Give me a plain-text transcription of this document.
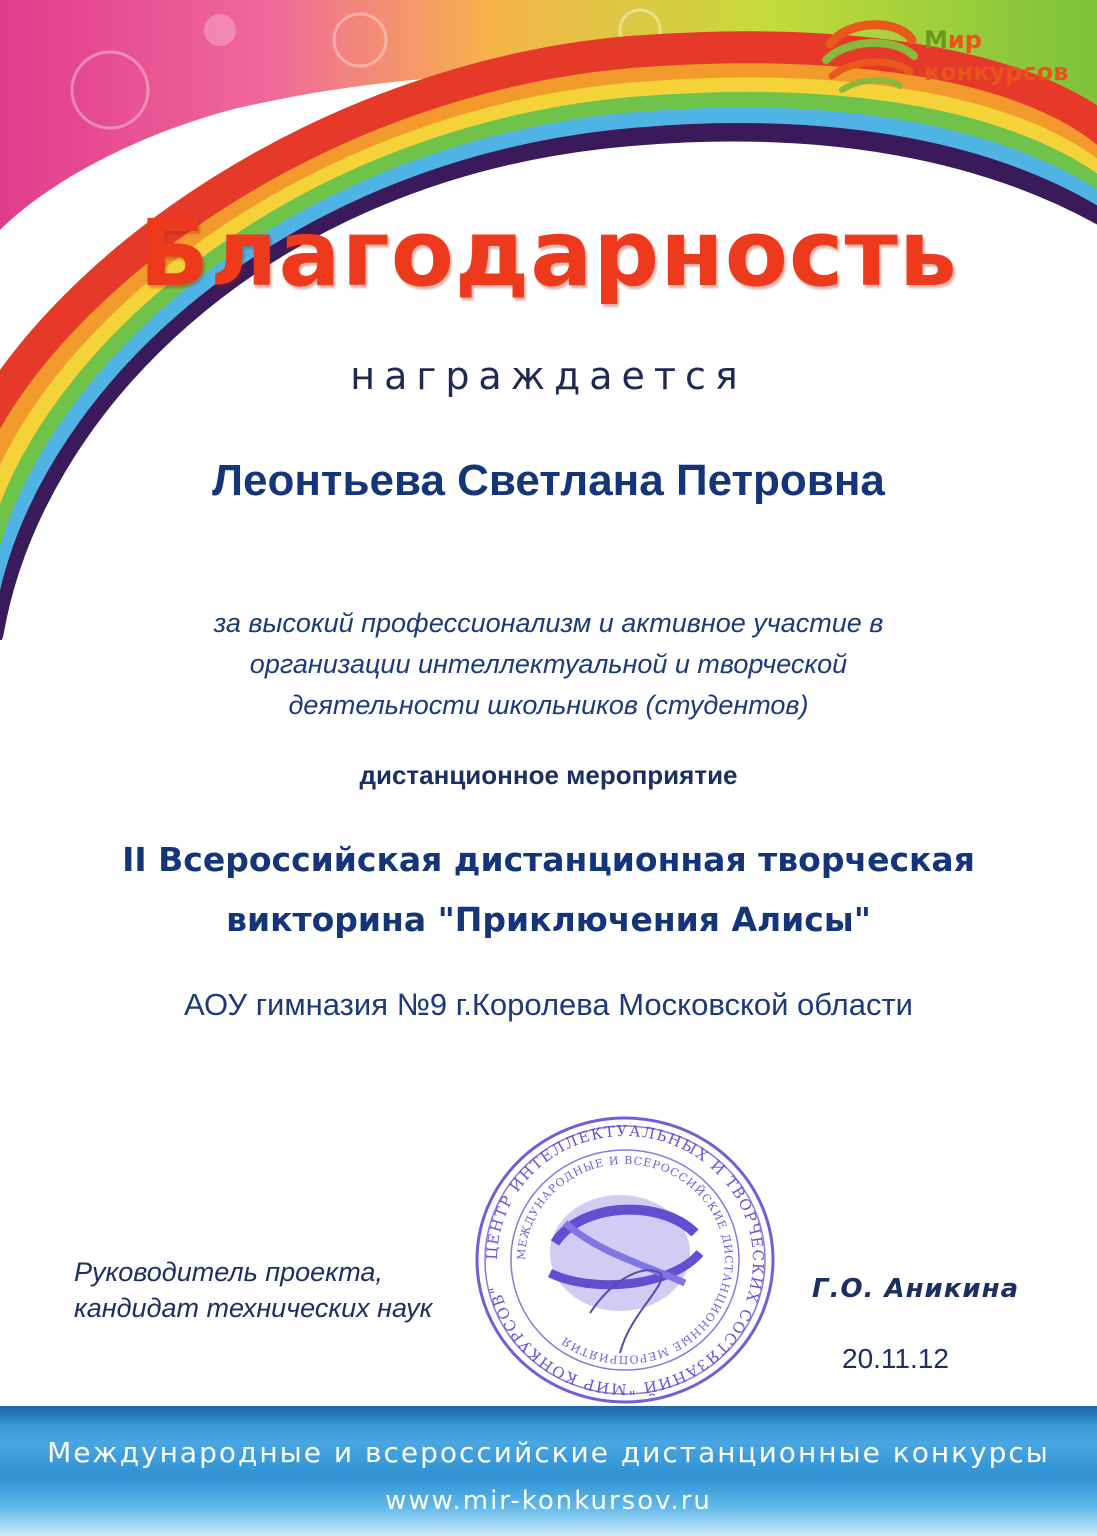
Мир
конкурсов
Благодарность
награждается
Леонтьева Светлана Петровна
за высокий профессионализм и активное участие в
организации интеллектуальной и творческой
деятельности школьников (студентов)
дистанционное мероприятие
II Всероссийская дистанционная творческая
викторина "Приключения Алисы"
АОУ гимназия №9 г.Королева Московской области
Руководитель проекта,
кандидат технических наук
ЦЕНТР ИНТЕЛЛЕКТУАЛЬНЫХ И ТВОРЧЕСКИХ СОСТЯЗАНИЙ "МИР КОНКУРСОВ"
МЕЖДУНАРОДНЫЕ И ВСЕРОССИЙСКИЕ ДИСТАНЦИОННЫЕ МЕРОПРИЯТИЯ
Г.О. Аникина
20.11.12
Международные и всероссийские дистанционные конкурсы
www.mir-konkursov.ru
